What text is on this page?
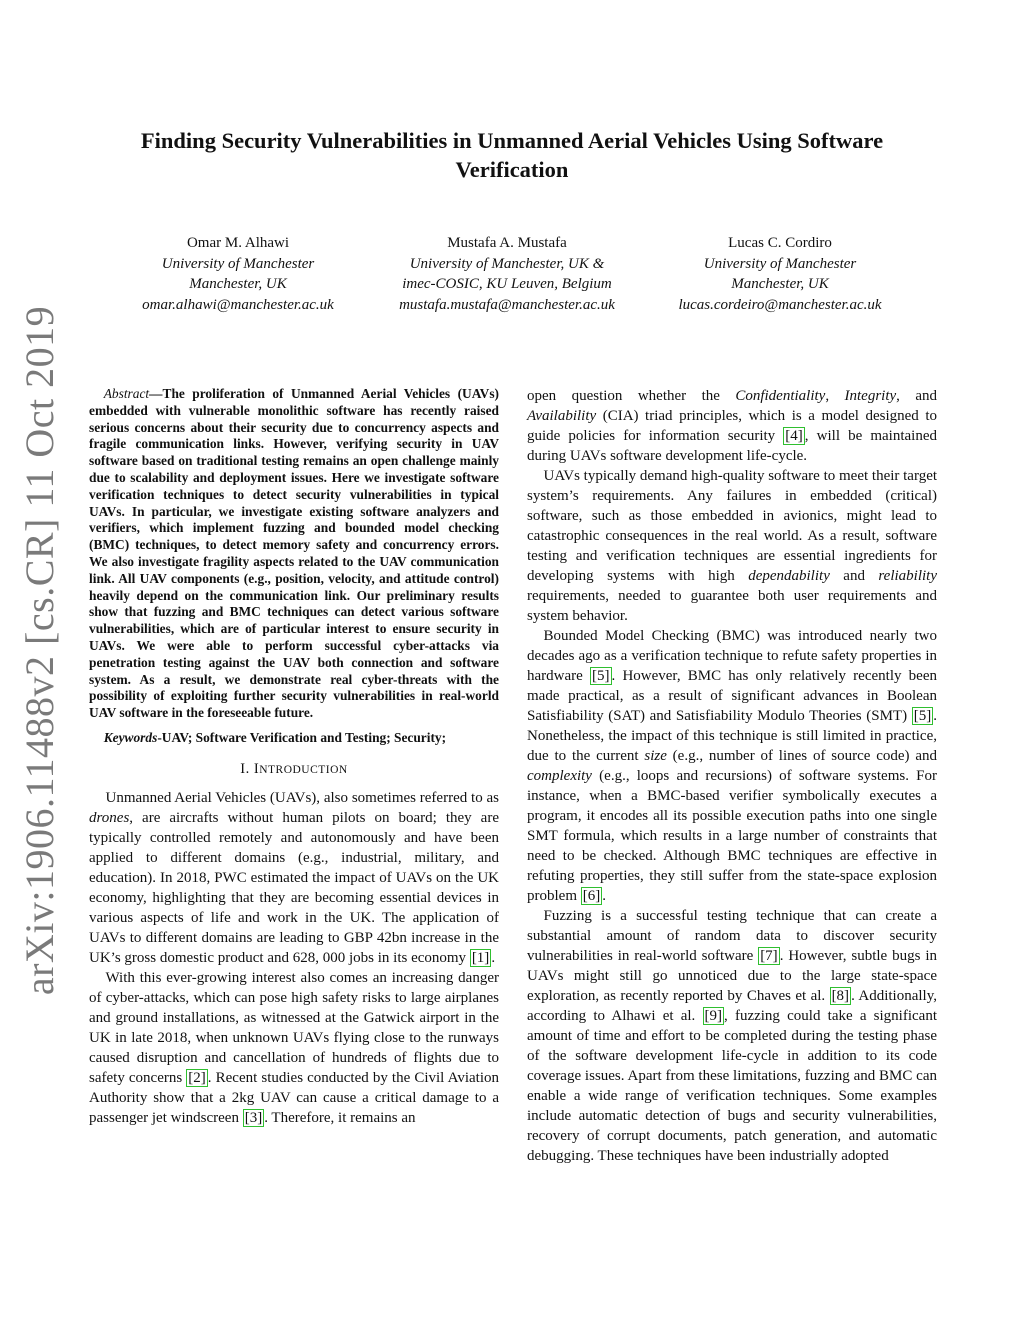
arXiv:1906.11488v2 [cs.CR] 11 Oct 2019
Finding Security Vulnerabilities in Unmanned Aerial Vehicles Using Software Verification
Omar M. Alhawi
University of Manchester
Manchester, UK
omar.alhawi@manchester.ac.uk
Mustafa A. Mustafa
University of Manchester, UK &
imec-COSIC, KU Leuven, Belgium
mustafa.mustafa@manchester.ac.uk
Lucas C. Cordiro
University of Manchester
Manchester, UK
lucas.cordeiro@manchester.ac.uk

Abstract—The proliferation of Unmanned Aerial Vehicles (UAVs) embedded with vulnerable monolithic software has recently raised serious concerns about their security due to concurrency aspects and fragile communication links. However, verifying security in UAV software based on traditional testing remains an open challenge mainly due to scalability and deployment issues. Here we investigate software verification techniques to detect security vulnerabilities in typical UAVs. In particular, we investigate existing software analyzers and verifiers, which implement fuzzing and bounded model checking (BMC) techniques, to detect memory safety and concurrency errors. We also investigate fragility aspects related to the UAV communication link. All UAV components (e.g., position, velocity, and attitude control) heavily depend on the communication link. Our preliminary results show that fuzzing and BMC techniques can detect various software vulnerabilities, which are of particular interest to ensure security in UAVs. We were able to perform successful cyber-attacks via penetration testing against the UAV both connection and software system. As a result, we demonstrate real cyber-threats with the possibility of exploiting further security vulnerabilities in real-world UAV software in the foreseeable future.

Keywords-UAV; Software Verification and Testing; Security;

I. INTRODUCTION

Unmanned Aerial Vehicles (UAVs), also sometimes referred to as drones, are aircrafts without human pilots on board; they are typically controlled remotely and autonomously and have been applied to different domains (e.g., industrial, military, and education). In 2018, PWC estimated the impact of UAVs on the UK economy, highlighting that they are becoming essential devices in various aspects of life and work in the UK. The application of UAVs to different domains are leading to GBP 42bn increase in the UK’s gross domestic product and 628, 000 jobs in its economy [1] .

With this ever-growing interest also comes an increasing danger of cyber-attacks, which can pose high safety risks to large airplanes and ground installations, as witnessed at the Gatwick airport in the UK in late 2018, when unknown UAVs flying close to the runways caused disruption and cancellation of hundreds of flights due to safety concerns [2] . Recent studies conducted by the Civil Aviation Authority show that a 2kg UAV can cause a critical damage to a passenger jet windscreen [3] . Therefore, it remains an

open question whether the Confidentiality, Integrity, and Availability (CIA) triad principles, which is a model designed to guide policies for information security [4] , will be maintained during UAVs software development life-cycle.

UAVs typically demand high-quality software to meet their target system’s requirements. Any failures in embedded (critical) software, such as those embedded in avionics, might lead to catastrophic consequences in the real world. As a result, software testing and verification techniques are essential ingredients for developing systems with high dependability and reliability requirements, needed to guarantee both user requirements and system behavior.

Bounded Model Checking (BMC) was introduced nearly two decades ago as a verification technique to refute safety properties in hardware [5] . However, BMC has only relatively recently been made practical, as a result of significant advances in Boolean Satisfiability (SAT) and Satisfiability Modulo Theories (SMT) [5] . Nonetheless, the impact of this technique is still limited in practice, due to the current size (e.g., number of lines of source code) and complexity (e.g., loops and recursions) of software systems. For instance, when a BMC-based verifier symbolically executes a program, it encodes all its possible execution paths into one single SMT formula, which results in a large number of constraints that need to be checked. Although BMC techniques are effective in refuting properties, they still suffer from the state-space explosion problem [6] .

Fuzzing is a successful testing technique that can create a substantial amount of random data to discover security vulnerabilities in real-world software [7] . However, subtle bugs in UAVs might still go unnoticed due to the large state-space exploration, as recently reported by Chaves et al. [8] . Additionally, according to Alhawi et al. [9] , fuzzing could take a significant amount of time and effort to be completed during the testing phase of the software development life-cycle in addition to its code coverage issues. Apart from these limitations, fuzzing and BMC can enable a wide range of verification techniques. Some examples include automatic detection of bugs and security vulnerabilities, recovery of corrupt documents, patch generation, and automatic debugging. These techniques have been industrially adopted
